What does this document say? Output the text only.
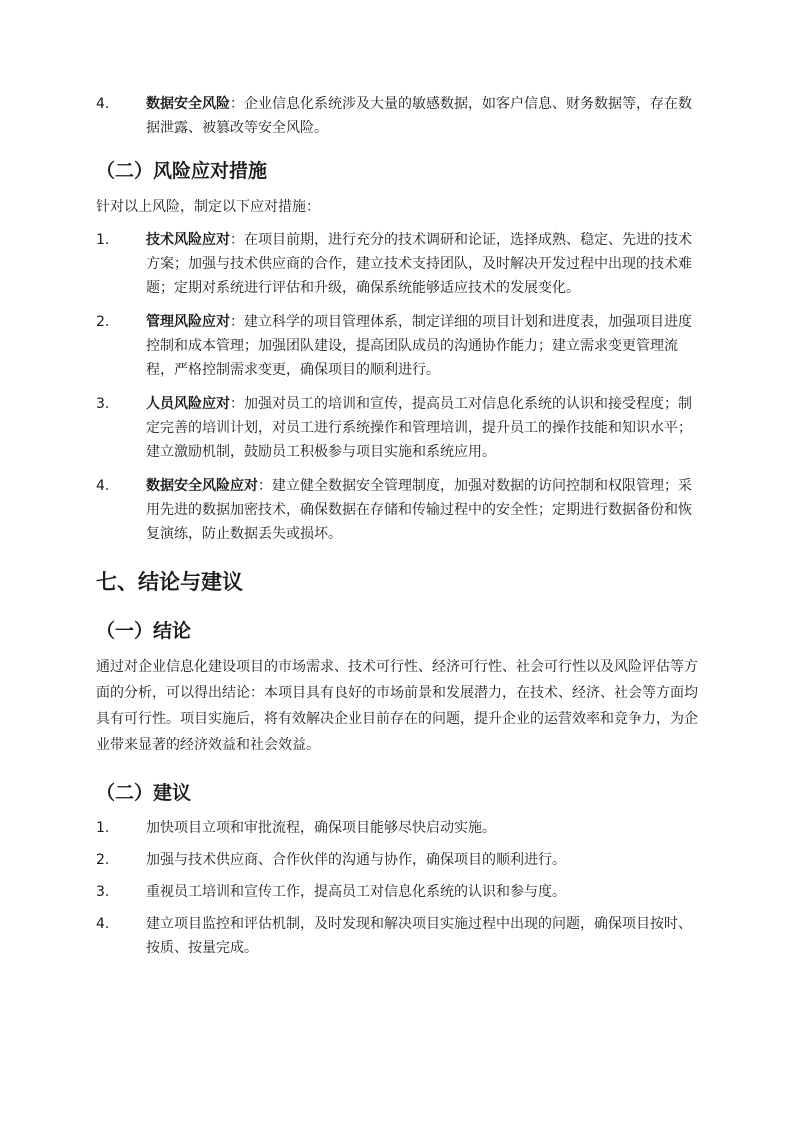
4.	数据安全风险：企业信息化系统涉及大量的敏感数据，如客户信息、财务数据等，存在数据泄露、被篡改等安全风险。
（二）风险应对措施

针对以上风险，制定以下应对措施：

1.	技术风险应对：在项目前期，进行充分的技术调研和论证，选择成熟、稳定、先进的技术方案；加强与技术供应商的合作，建立技术支持团队，及时解决开发过程中出现的技术难题；定期对系统进行评估和升级，确保系统能够适应技术的发展变化。
2.	管理风险应对：建立科学的项目管理体系，制定详细的项目计划和进度表，加强项目进度控制和成本管理；加强团队建设，提高团队成员的沟通协作能力；建立需求变更管理流程，严格控制需求变更，确保项目的顺利进行。
3.	人员风险应对：加强对员工的培训和宣传，提高员工对信息化系统的认识和接受程度；制定完善的培训计划，对员工进行系统操作和管理培训，提升员工的操作技能和知识水平；建立激励机制，鼓励员工积极参与项目实施和系统应用。
4.	数据安全风险应对：建立健全数据安全管理制度，加强对数据的访问控制和权限管理；采用先进的数据加密技术，确保数据在存储和传输过程中的安全性；定期进行数据备份和恢复演练，防止数据丢失或损坏。
七、结论与建议
（一）结论

通过对企业信息化建设项目的市场需求、技术可行性、经济可行性、社会可行性以及风险评估等方面的分析，可以得出结论：本项目具有良好的市场前景和发展潜力，在技术、经济、社会等方面均具有可行性。项目实施后，将有效解决企业目前存在的问题，提升企业的运营效率和竞争力，为企业带来显著的经济效益和社会效益。

（二）建议
1.	加快项目立项和审批流程，确保项目能够尽快启动实施。
2.	加强与技术供应商、合作伙伴的沟通与协作，确保项目的顺利进行。
3.	重视员工培训和宣传工作，提高员工对信息化系统的认识和参与度。
4.	建立项目监控和评估机制，及时发现和解决项目实施过程中出现的问题，确保项目按时、按质、按量完成。
